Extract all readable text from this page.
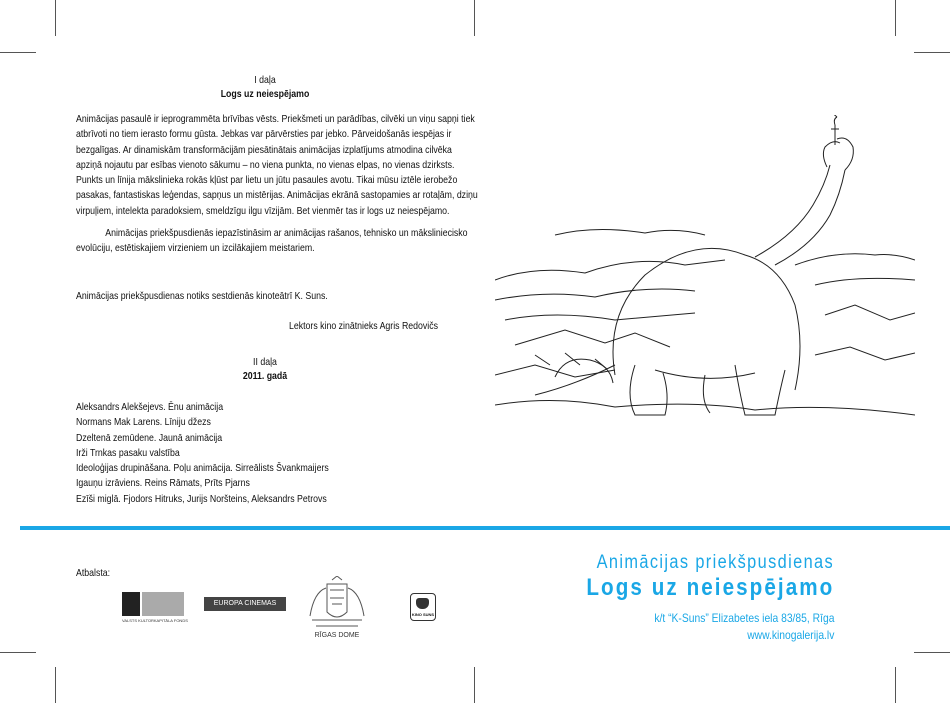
I daļa
Logs uz neiespējamo
Animācijas pasaulē ir ieprogrammēta brīvības vēsts. Priekšmeti un parādības, cilvēki un viņu sapņi tiek
atbrīvoti no tiem ierasto formu gūsta. Jebkas var pārvērsties par jebko. Pārveidošanās iespējas ir
bezgalīgas. Ar dinamiskām transformācijām piesātinātais animācijas izplatījums atmodina cilvēka
apziņā nojautu par esības vienoto sākumu – no viena punkta, no vienas elpas, no vienas dzirksts.
Punkts un līnija mākslinieka rokās kļūst par lietu un jūtu pasaules avotu. Tikai mūsu iztēle ierobežo
pasakas, fantastiskas leģendas, sapņus un mistērijas. Animācijas ekrānā sastopamies ar rotaļām, dziņu
virpuļiem, intelekta paradoksiem, smeldzīgu ilgu vīzijām. Bet vienmēr tas ir logs uz neiespējamo.
Animācijas priekšpusdienās iepazīstināsim ar animācijas rašanos, tehnisko un mākslinieciskо
evolūciju, estētiskajiem virzieniem un izcilākajiem meistariem.
Animācijas priekšpusdienas notiks sestdienās kinoteātrī K. Suns.
Lektors kino zinātnieks Agris Redovičs
II daļa
2011. gadā
Aleksandrs Alekšejevs. Ēnu animācija
Normans Mak Larens. Līniju džezs
Dzeltenā zemūdene. Jaunā animācija
Irži Trnkas pasaku valstība
Ideoloģijas drupināšana. Poļu animācija. Sirreālists Švankmaijers
Igauņu izrāviens. Reins Rāmats, Prīts Pjarns
Ezīši miglā. Fjodors Hitruks, Jurijs Noršteins, Aleksandrs Petrovs
Atbalsta:
VALSTS KULTŪRKAPITĀLA FONDS
EUROPA CINEMAS
RĪGAS DOME
KINO SUNS
Animācijas priekšpusdienas
Logs uz neiespējamo
k/t “K-Suns” Elizabetes iela 83/85, Rīga
www.kinogalerija.lv
